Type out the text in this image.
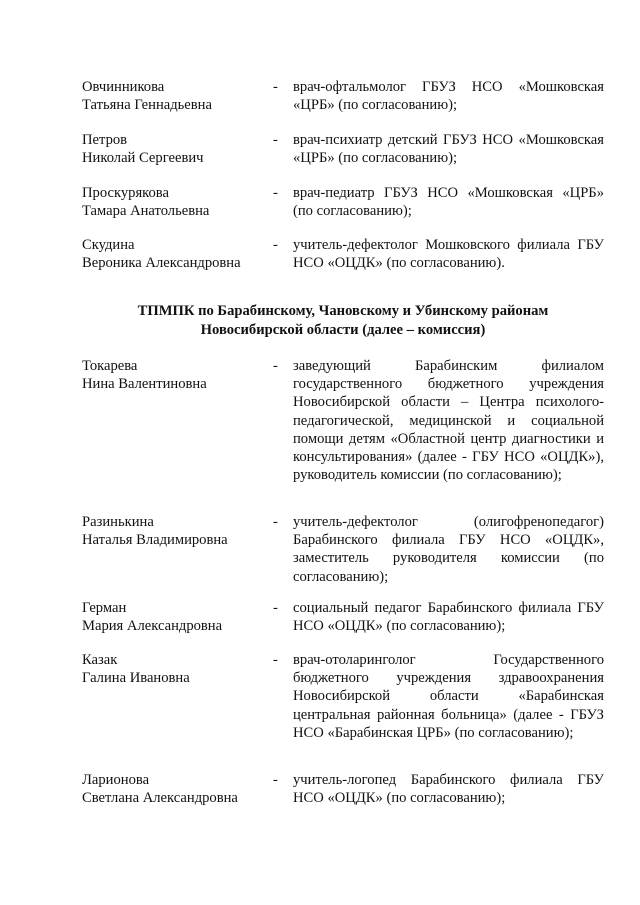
Овчинникова
Татьяна Геннадьевна
- врач-офтальмолог ГБУЗ НСО «Мошковская «ЦРБ» (по согласованию);
Петров
Николай Сергеевич
- врач-психиатр детский ГБУЗ НСО «Мошковская «ЦРБ» (по согласованию);
Проскурякова
Тамара Анатольевна
- врач-педиатр ГБУЗ НСО «Мошковская «ЦРБ» (по согласованию);
Скудина
Вероника Александровна
- учитель-дефектолог Мошковского филиала ГБУ НСО «ОЦДК» (по согласованию).
ТПМПК по Барабинскому, Чановскому и Убинскому районам
Новосибирской области (далее – комиссия)
Токарева
Нина Валентиновна
- заведующий Барабинским филиалом государственного бюджетного учреждения Новосибирской области – Центра психолого-педагогической, медицинской и социальной помощи детям «Областной центр диагностики и консультирования» (далее - ГБУ НСО «ОЦДК»), руководитель комиссии (по согласованию);
Разинькина
Наталья Владимировна
- учитель-дефектолог (олигофренопедагог) Барабинского филиала ГБУ НСО «ОЦДК», заместитель руководителя комиссии (по согласованию);
Герман
Мария Александровна
- социальный педагог Барабинского филиала ГБУ НСО «ОЦДК» (по согласованию);
Казак
Галина Ивановна
- врач-отоларинголог Государственного бюджетного учреждения здравоохранения Новосибирской области «Барабинская центральная районная больница» (далее - ГБУЗ НСО «Барабинская ЦРБ» (по согласованию);
Ларионова
Светлана Александровна
- учитель-логопед Барабинского филиала ГБУ НСО «ОЦДК» (по согласованию);
